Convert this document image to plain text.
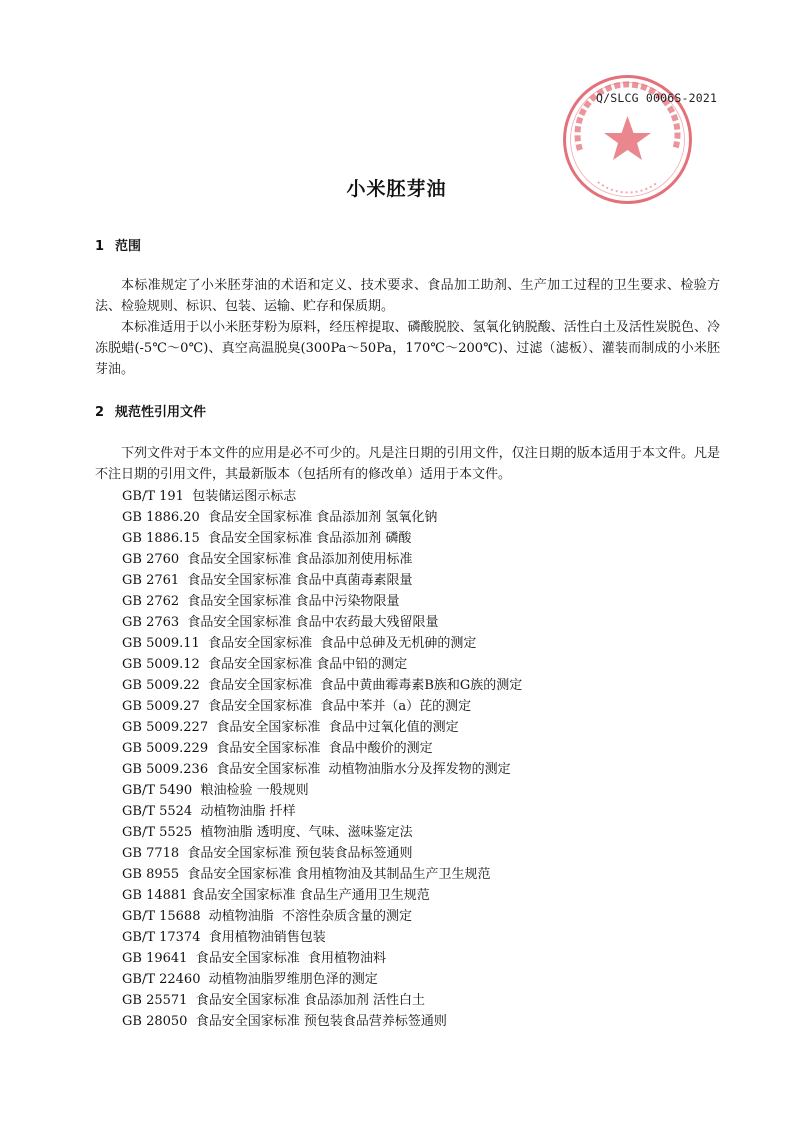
Q/SLCG 0006S-2021
小米胚芽油
1 范围
本标准规定了小米胚芽油的术语和定义、技术要求、食品加工助剂、生产加工过程的卫生要求、检验方法、检验规则、标识、包装、运输、贮存和保质期。
本标准适用于以小米胚芽粉为原料，经压榨提取、磷酸脱胶、氢氧化钠脱酸、活性白土及活性炭脱色、冷冻脱蜡(-5℃～0℃)、真空高温脱臭(300Pa～50Pa，170℃～200℃)、过滤（滤板）、灌装而制成的小米胚芽油。
2 规范性引用文件
下列文件对于本文件的应用是必不可少的。凡是注日期的引用文件，仅注日期的版本适用于本文件。凡是不注日期的引用文件，其最新版本（包括所有的修改单）适用于本文件。
GB/T 191  包装储运图示标志
GB 1886.20  食品安全国家标准 食品添加剂 氢氧化钠
GB 1886.15  食品安全国家标准 食品添加剂 磷酸
GB 2760  食品安全国家标准 食品添加剂使用标准
GB 2761  食品安全国家标准 食品中真菌毒素限量
GB 2762  食品安全国家标准 食品中污染物限量
GB 2763  食品安全国家标准 食品中农药最大残留限量
GB 5009.11  食品安全国家标准  食品中总砷及无机砷的测定
GB 5009.12  食品安全国家标准 食品中铅的测定
GB 5009.22  食品安全国家标准  食品中黄曲霉毒素B族和G族的测定
GB 5009.27  食品安全国家标准  食品中苯并（a）芘的测定
GB 5009.227  食品安全国家标准  食品中过氧化值的测定
GB 5009.229  食品安全国家标准  食品中酸价的测定
GB 5009.236  食品安全国家标准  动植物油脂水分及挥发物的测定
GB/T 5490  粮油检验 一般规则
GB/T 5524  动植物油脂 扦样
GB/T 5525  植物油脂 透明度、气味、滋味鉴定法
GB 7718  食品安全国家标准 预包装食品标签通则
GB 8955  食品安全国家标准 食用植物油及其制品生产卫生规范
GB 14881 食品安全国家标准 食品生产通用卫生规范
GB/T 15688  动植物油脂  不溶性杂质含量的测定
GB/T 17374  食用植物油销售包装
GB 19641  食品安全国家标准  食用植物油料
GB/T 22460  动植物油脂罗维朋色泽的测定
GB 25571  食品安全国家标准 食品添加剂 活性白土
GB 28050  食品安全国家标准 预包装食品营养标签通则
